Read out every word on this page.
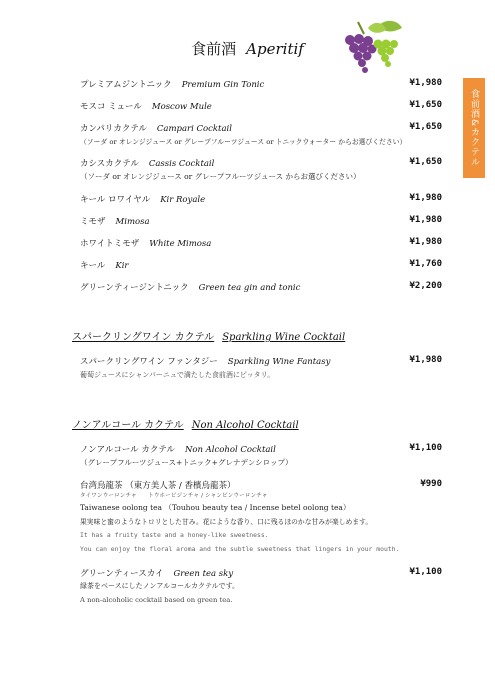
食前酒 Aperitif
食前酒&カクテル
プレミアムジントニック Premium Gin Tonic	¥1,980
モスコ ミュール Moscow Mule	¥1,650
カンパリカクテル Campari Cocktail	¥1,650
（ソーダ or オレンジジュース or グレープフルーツジュース or トニックウォーター からお選びください）
カシスカクテル Cassis Cocktail	¥1,650
（ソーダ or オレンジジュース or グレープフルーツジュース からお選びください）
キール ロワイヤル Kir Royale	¥1,980
ミモザ Mimosa	¥1,980
ホワイトミモザ White Mimosa	¥1,980
キール Kir	¥1,760
グリーンティージントニック Green tea gin and tonic	¥2,200
スパークリングワイン カクテル Sparkling Wine Cocktail
スパークリングワイン ファンタジー Sparkling Wine Fantasy	¥1,980
葡萄ジュースにシャンパーニュで満たした食前酒にピッタリ。
ノンアルコール カクテル Non Alcohol Cocktail
ノンアルコール カクテル Non Alcohol Cocktail	¥1,100
（グレープフルーツジュース+トニック+グレナデンシロップ）
台湾烏龍茶 （東方美人茶 / 香檳烏龍茶）	¥990
タイワンウーロンチャ　　トウホービジンチャ / シャンピンウーロンチャ
Taiwanese oolong tea （Touhou beauty tea / Incense betel oolong tea）
果実味と蜜のようなトロリとした甘み。花にような香り、口に残るほのかな甘みが楽しめます。
It has a fruity taste and a honey-like sweetness.
You can enjoy the floral aroma and the subtle sweetness that lingers in your mouth.
グリーンティースカイ Green tea sky	¥1,100
緑茶をベースにしたノンアルコールカクテルです。
A non-alcoholic cocktail based on green tea.
